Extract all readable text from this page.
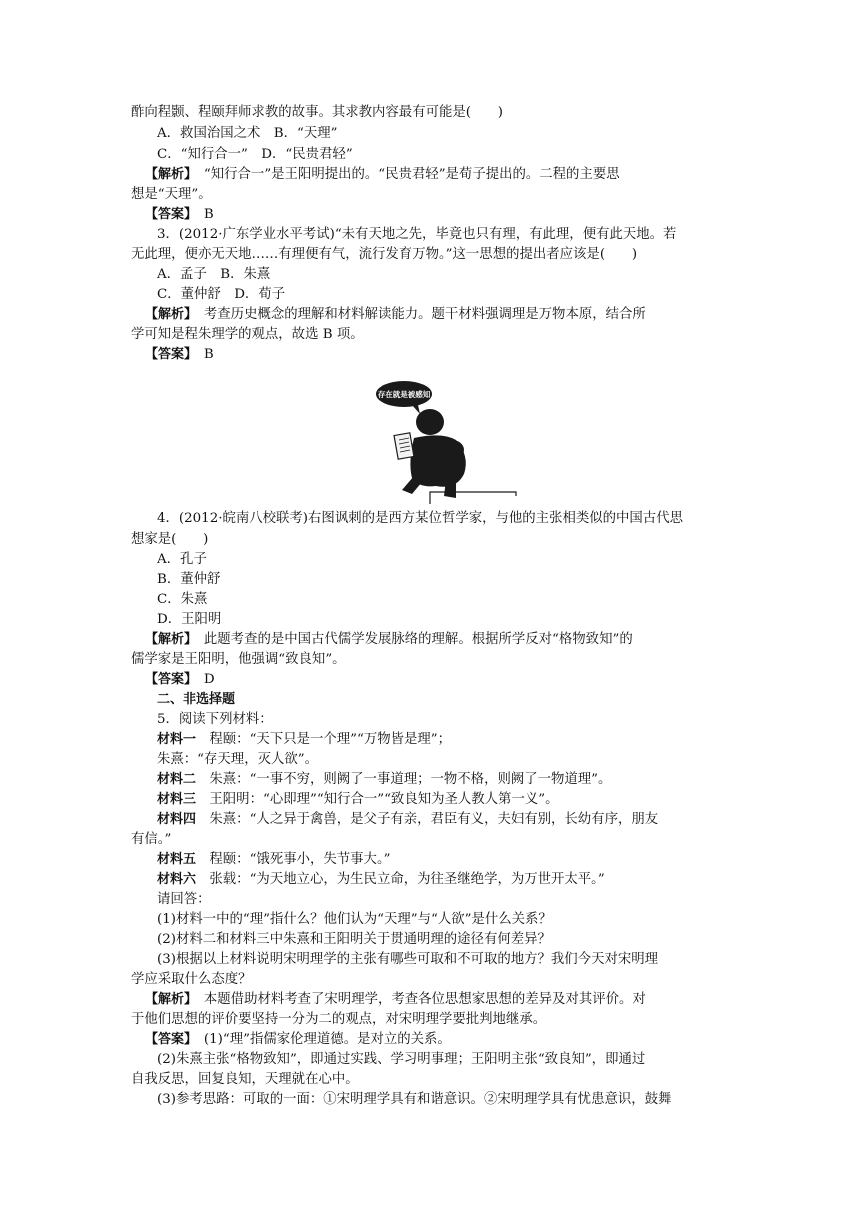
酢向程颢、程颐拜师求教的故事。其求教内容最有可能是(　　)
A．救国治国之术　B．“天理”
C．“知行合一”　D．“民贵君轻”
【解析】　 “知行合一”是王阳明提出的。“民贵君轻”是荀子提出的。二程的主要思
想是“天理”。
【答案】　 B
3．(2012·广东学业水平考试)“未有天地之先，毕竟也只有理，有此理，便有此天地。若
无此理，便亦无天地……有理便有气，流行发育万物。”这一思想的提出者应该是(　　)
A．孟子　B．朱熹
C．董仲舒　D．荀子
【解析】　 考查历史概念的理解和材料解读能力。题干材料强调理是万物本原，结合所
学可知是程朱理学的观点，故选 B 项。
【答案】　 B
存在就是被感知
4．(2012·皖南八校联考)右图讽刺的是西方某位哲学家，与他的主张相类似的中国古代思
想家是(　　)
A．孔子
B．董仲舒
C．朱熹
D．王阳明
【解析】　 此题考查的是中国古代儒学发展脉络的理解。根据所学反对“格物致知”的
儒学家是王阳明，他强调“致良知”。
【答案】　 D
二、非选择题
5．阅读下列材料：
材料一　 程颐：“天下只是一个理”“万物皆是理”；
朱熹：“存天理，灭人欲”。
材料二　 朱熹：“一事不穷，则阙了一事道理；一物不格，则阙了一物道理”。
材料三　 王阳明：“心即理”“知行合一”“致良知为圣人教人第一义”。
材料四　 朱熹：“人之异于禽兽，是父子有亲，君臣有义，夫妇有别，长幼有序，朋友
有信。”
材料五　 程颐：“饿死事小，失节事大。”
材料六　 张载：“为天地立心，为生民立命，为往圣继绝学，为万世开太平。”
请回答：
(1)材料一中的“理”指什么？他们认为“天理”与“人欲”是什么关系？
(2)材料二和材料三中朱熹和王阳明关于贯通明理的途径有何差异？
(3)根据以上材料说明宋明理学的主张有哪些可取和不可取的地方？我们今天对宋明理
学应采取什么态度？
【解析】　 本题借助材料考查了宋明理学，考查各位思想家思想的差异及对其评价。对
于他们思想的评价要坚持一分为二的观点，对宋明理学要批判地继承。
【答案】　 (1)“理”指儒家伦理道德。是对立的关系。
(2)朱熹主张“格物致知”，即通过实践、学习明事理；王阳明主张“致良知”，即通过
自我反思，回复良知，天理就在心中。
(3)参考思路：可取的一面：①宋明理学具有和谐意识。②宋明理学具有忧患意识，鼓舞
